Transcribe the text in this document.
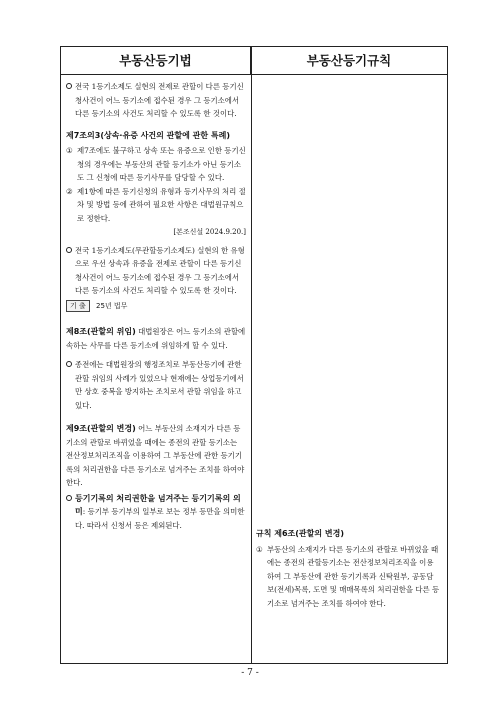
부동산등기법	부동산등기규칙
전국 1등기소제도 실현의 전제로 관할이 다른 등기신청사건이 어느 등기소에 접수된 경우 그 등기소에서 다른 등기소의 사건도 처리할 수 있도록 한 것이다.
제7조의3(상속·유증 사건의 관할에 관한 특례)
① 제7조에도 불구하고 상속 또는 유증으로 인한 등기신청의 경우에는 부동산의 관할 등기소가 아닌 등기소도 그 신청에 따른 등기사무를 담당할 수 있다.
② 제1항에 따른 등기신청의 유형과 등기사무의 처리 절차 및 방법 등에 관하여 필요한 사항은 대법원규칙으로 정한다.
[본조신설 2024.9.20.]
전국 1등기소제도(무관할등기소제도) 실현의 한 유형으로 우선 상속과 유증을 전제로 관할이 다른 등기신청사건이 어느 등기소에 접수된 경우 그 등기소에서 다른 등기소의 사건도 처리할 수 있도록 한 것이다.
기 출 25년 법무
제8조(관할의 위임) 대법원장은 어느 등기소의 관할에 속하는 사무를 다른 등기소에 위임하게 할 수 있다.
종전에는 대법원장의 행정조치로 부동산등기에 관한 관할 위임의 사례가 있었으나 현재에는 상업등기에서만 상호 중복을 방지하는 조치로서 관할 위임을 하고 있다.
제9조(관할의 변경) 어느 부동산의 소재지가 다른 등기소의 관할로 바뀌었을 때에는 종전의 관할 등기소는 전산정보처리조직을 이용하여 그 부동산에 관한 등기기록의 처리권한을 다른 등기소로 넘겨주는 조치를 하여야 한다.
등기기록의 처리권한을 넘겨주는 등기기록의 의미: 등기부 등기부의 일부로 보는 정부 등만을 의미한다. 따라서 신청서 등은 제외된다.
규칙 제6조(관할의 변경)
① 부동산의 소재지가 다른 등기소의 관할로 바뀌었을 때에는 종전의 관할등기소는 전산정보처리조직을 이용하여 그 부동산에 관한 등기기록과 신탁원부, 공동담보(전세)목록, 도면 및 매매목록의 처리권한을 다른 등기소로 넘겨주는 조치를 하여야 한다.
- 7 -
